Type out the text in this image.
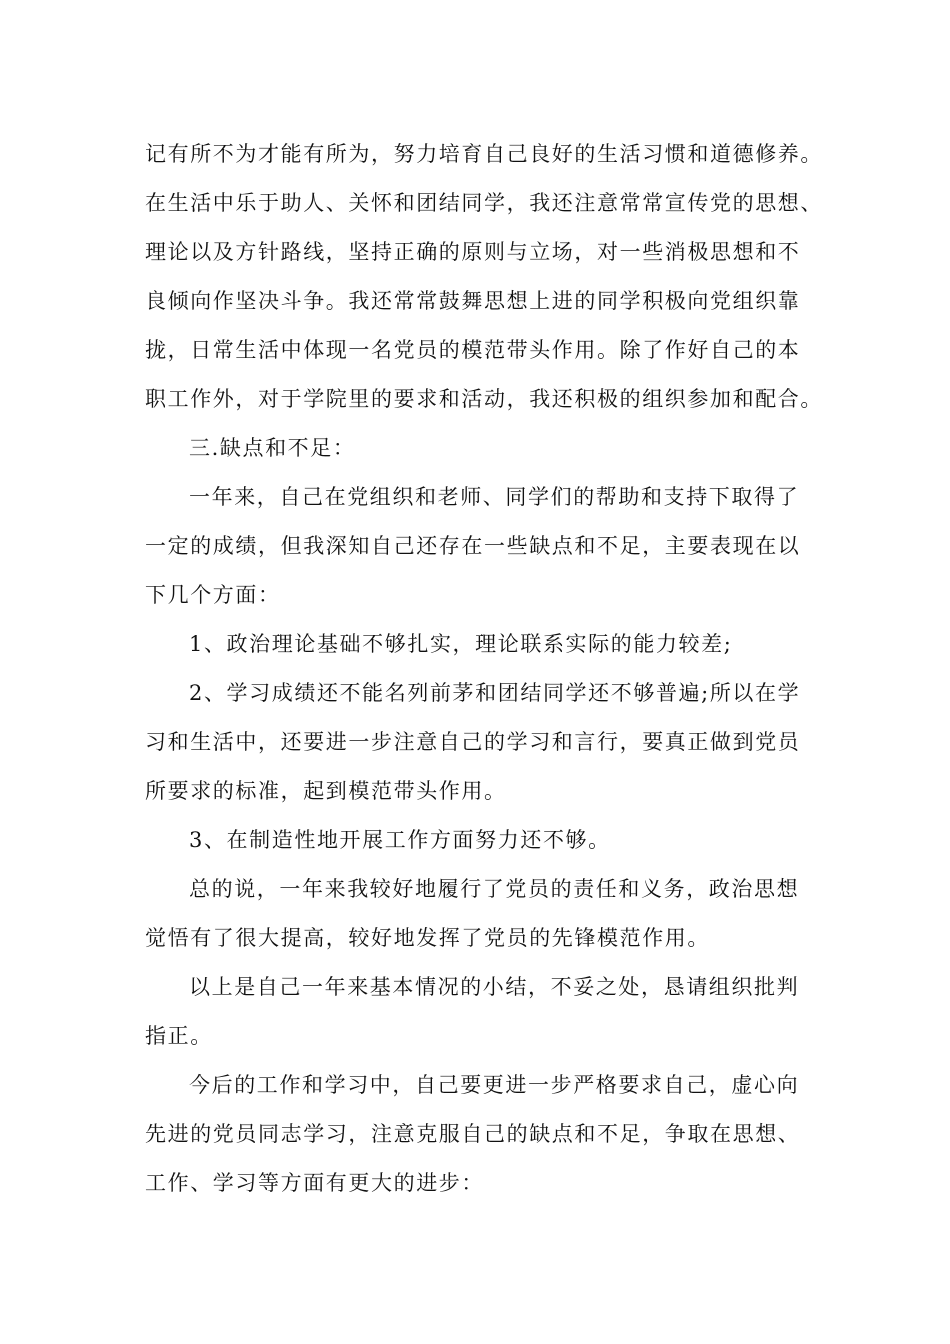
记有所不为才能有所为，努力培育自己良好的生活习惯和道德修养。
在生活中乐于助人、关怀和团结同学，我还注意常常宣传党的思想、
理论以及方针路线，坚持正确的原则与立场，对一些消极思想和不
良倾向作坚决斗争。我还常常鼓舞思想上进的同学积极向党组织靠
拢，日常生活中体现一名党员的模范带头作用。除了作好自己的本
职工作外，对于学院里的要求和活动，我还积极的组织参加和配合。
三.缺点和不足：
一年来，自己在党组织和老师、同学们的帮助和支持下取得了
一定的成绩，但我深知自己还存在一些缺点和不足，主要表现在以
下几个方面：
1、政治理论基础不够扎实，理论联系实际的能力较差;
2、学习成绩还不能名列前茅和团结同学还不够普遍;所以在学
习和生活中，还要进一步注意自己的学习和言行，要真正做到党员
所要求的标准，起到模范带头作用。
3、在制造性地开展工作方面努力还不够。
总的说，一年来我较好地履行了党员的责任和义务，政治思想
觉悟有了很大提高，较好地发挥了党员的先锋模范作用。
以上是自己一年来基本情况的小结，不妥之处，恳请组织批判
指正。
今后的工作和学习中，自己要更进一步严格要求自己，虚心向
先进的党员同志学习，注意克服自己的缺点和不足，争取在思想、
工作、学习等方面有更大的进步：
